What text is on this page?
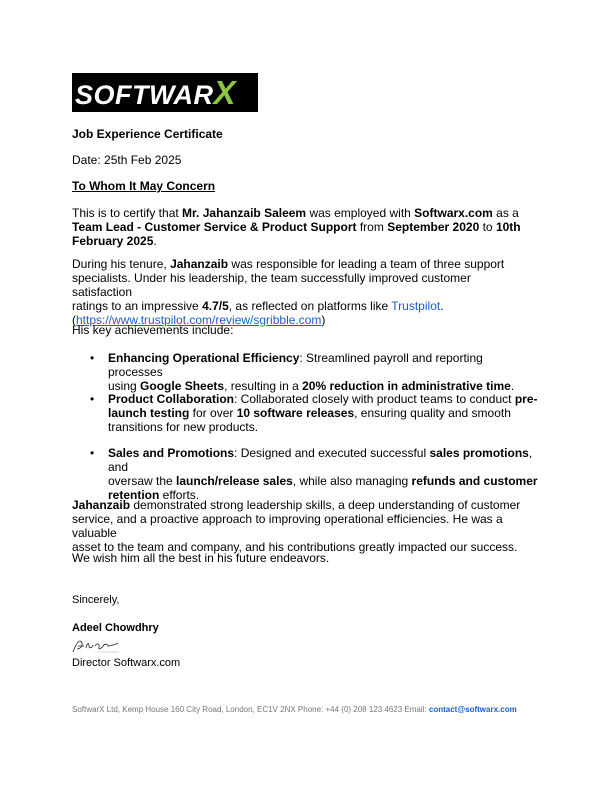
SOFTWARX
Job Experience Certificate
Date: 25th Feb 2025
To Whom It May Concern
This is to certify that Mr. Jahanzaib Saleem was employed with Softwarx.com as a
Team Lead - Customer Service & Product Support from September 2020 to 10th
February 2025.
During his tenure, Jahanzaib was responsible for leading a team of three support
specialists. Under his leadership, the team successfully improved customer satisfaction
ratings to an impressive 4.7/5, as reflected on platforms like Trustpilot.
(https://www.trustpilot.com/review/sgribble.com)
His key achievements include:
• Enhancing Operational Efficiency: Streamlined payroll and reporting processes
using Google Sheets, resulting in a 20% reduction in administrative time.
• Product Collaboration: Collaborated closely with product teams to conduct pre-
launch testing for over 10 software releases, ensuring quality and smooth
transitions for new products.
• Sales and Promotions: Designed and executed successful sales promotions, and
oversaw the launch/release sales, while also managing refunds and customer
retention efforts.
Jahanzaib demonstrated strong leadership skills, a deep understanding of customer
service, and a proactive approach to improving operational efficiencies. He was a valuable
asset to the team and company, and his contributions greatly impacted our success.
We wish him all the best in his future endeavors.
Sincerely,
Adeel Chowdhry
Director Softwarx.com
SoftwarX Ltd, Kemp House 160 City Road, London, EC1V 2NX Phone: +44 (0) 208 123 4623 Email: contact@softwarx.com
